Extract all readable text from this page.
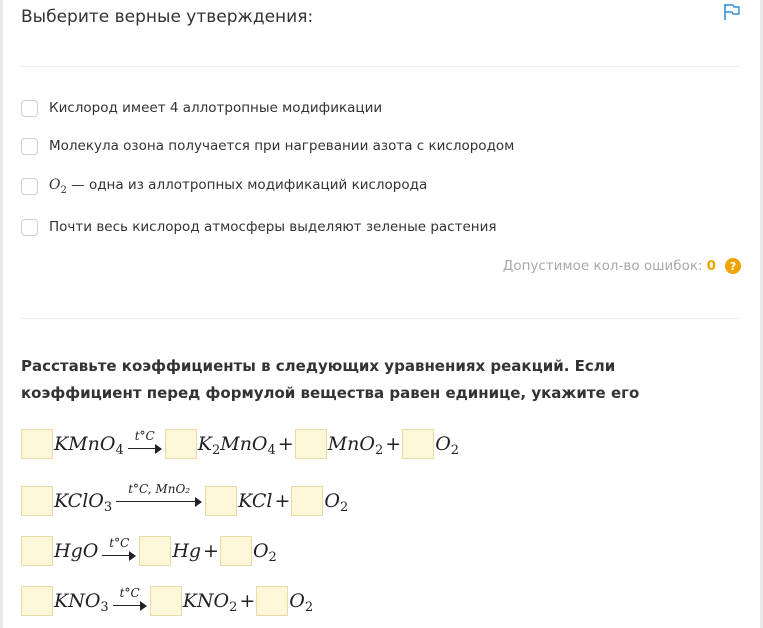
Выберите верные утверждения:
Кислород имеет 4 аллотропные модификации
Молекула озона получается при нагревании азота с кислородом
$O_2$ — одна из аллотропных модификаций кислорода
Почти весь кислород атмосферы выделяют зеленые растения
Допустимое кол-во ошибок: 0	?
Расставьте коэффициенты в следующих уравнениях реакций. Если коэффициент перед формулой вещества равен единице, укажите его
KMnO$_4$
t°C $K_2MnO_4 + MnO_2 + O_2$
KClO$_3$
t°C, MnO₂
KCl + $O_2$
HgO t°C $Hg + O_2$
$KNO_3$
t°C $KNO_2 + O_2$
